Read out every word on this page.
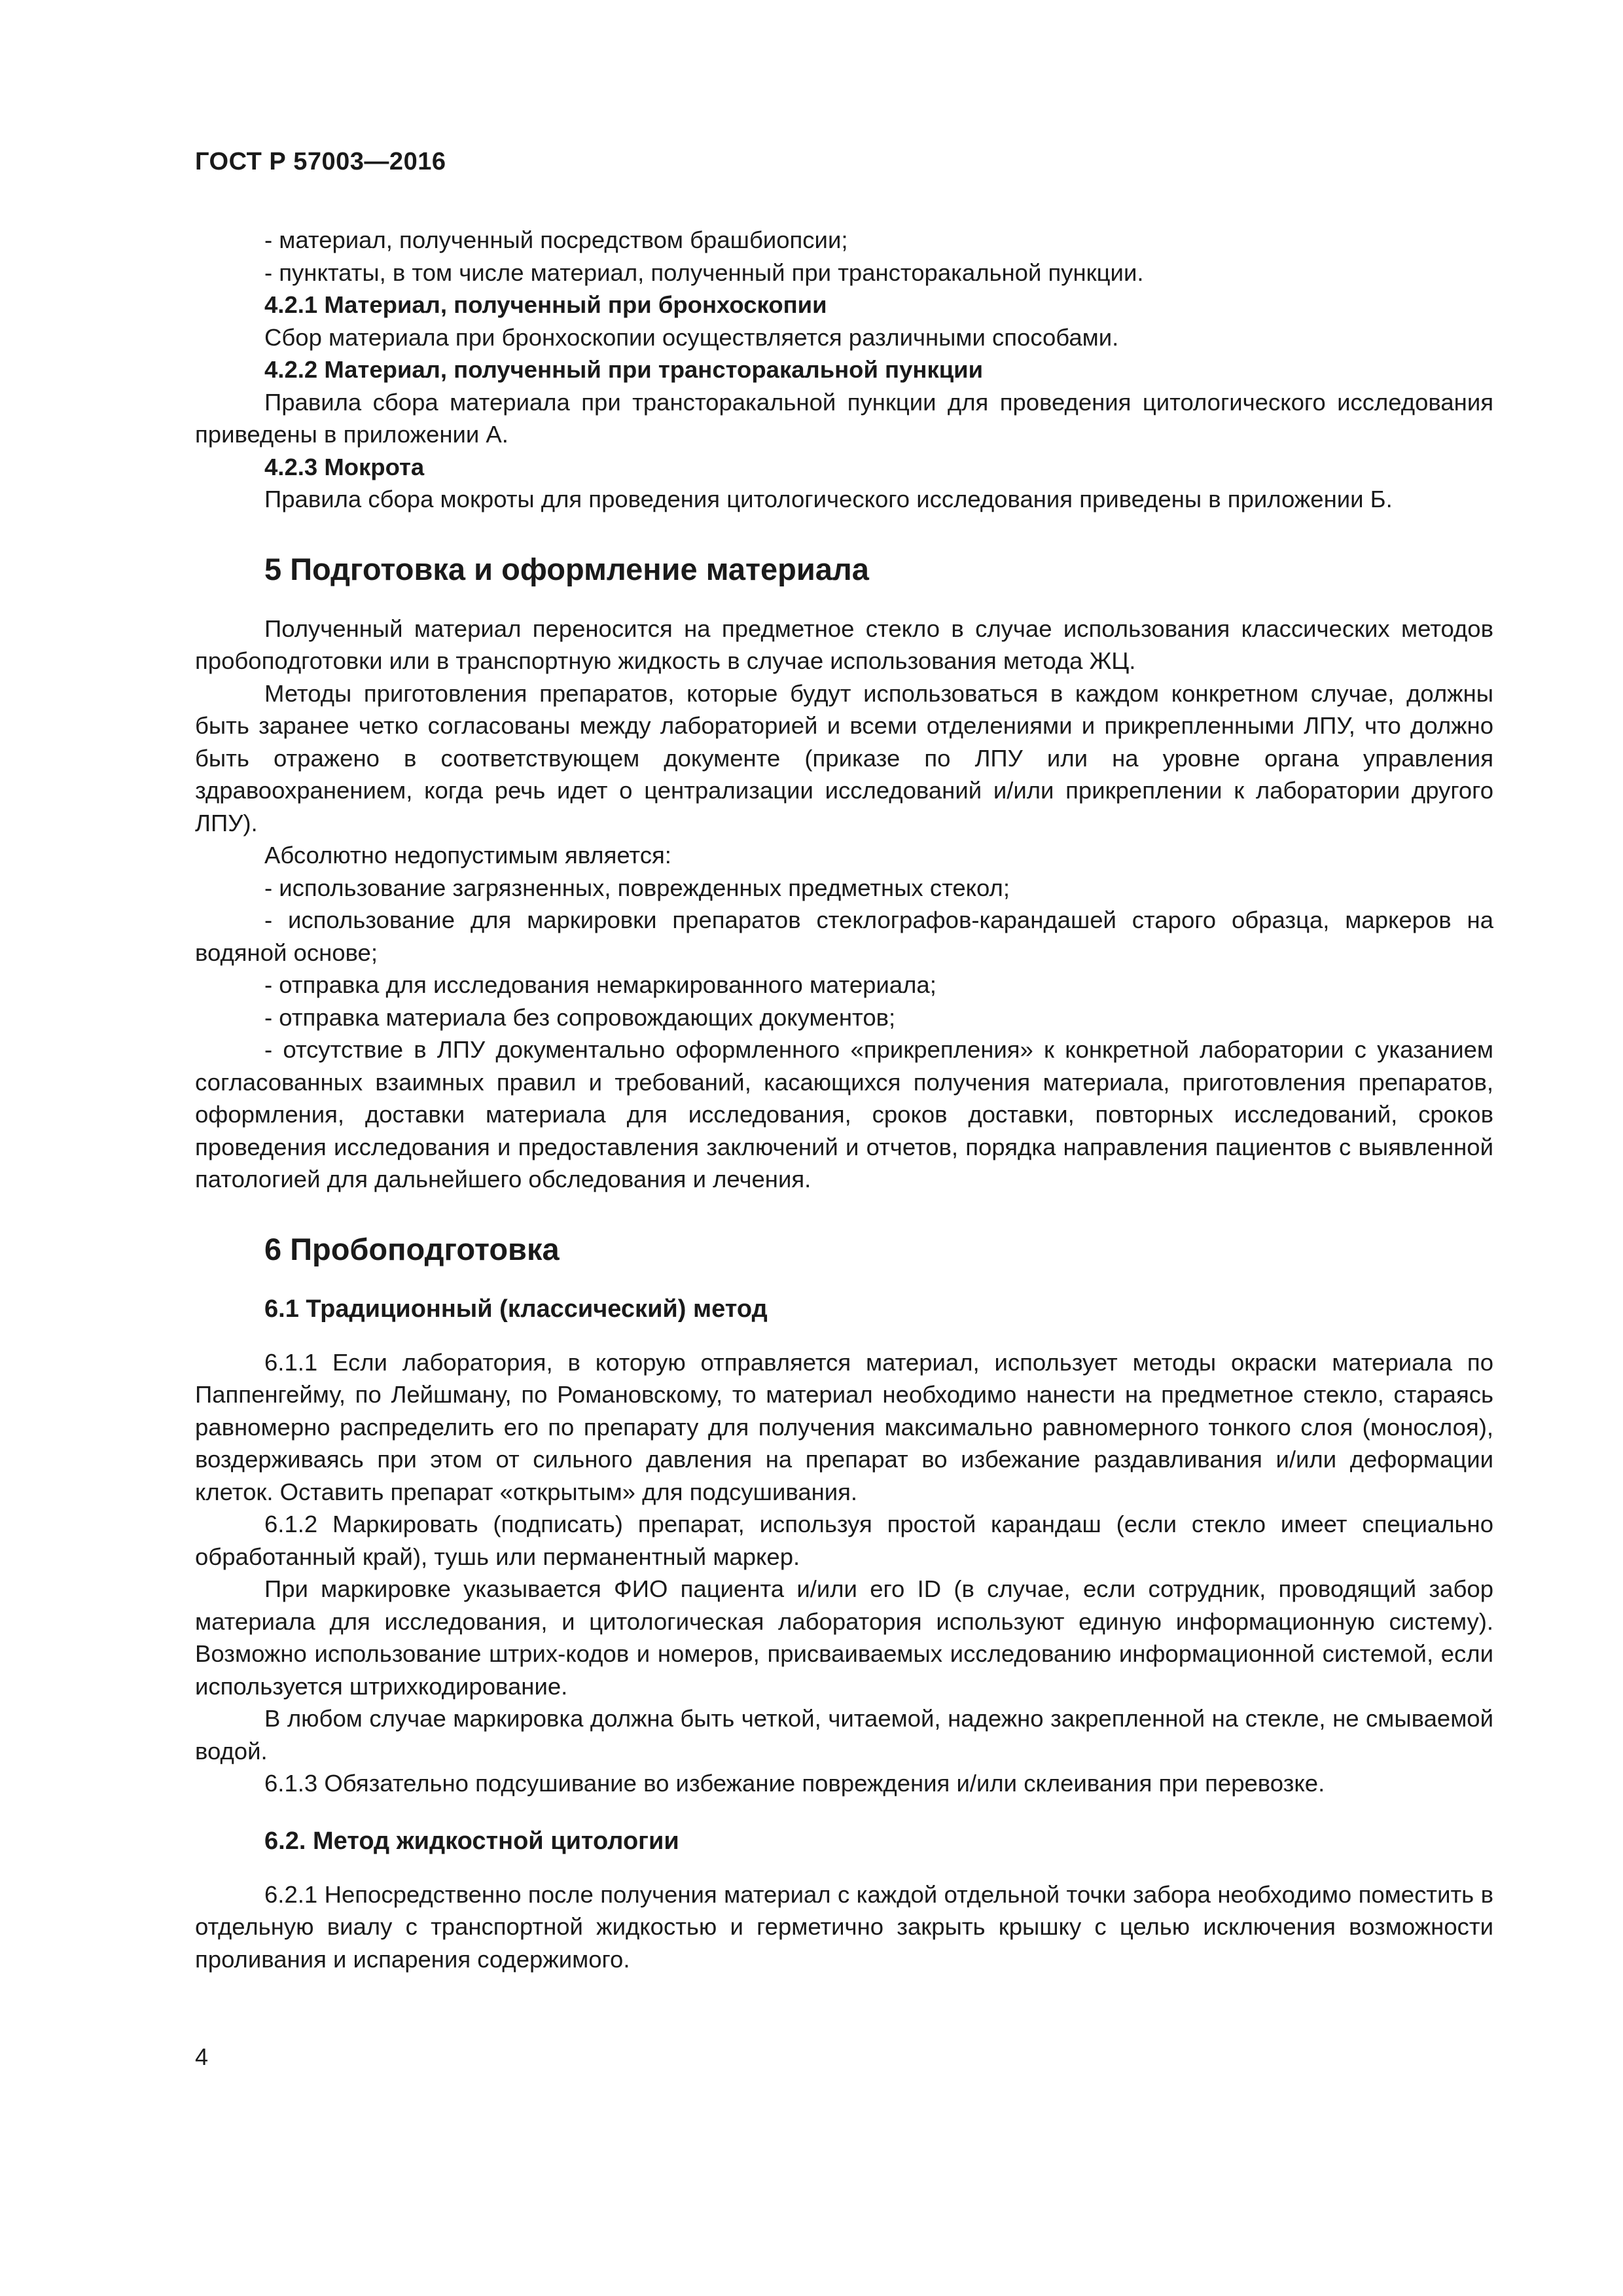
ГОСТ Р 57003—2016

- материал, полученный посредством брашбиопсии;

- пунктаты, в том числе материал, полученный при трансторакальной пункции.

4.2.1 Материал, полученный при бронхоскопии

Сбор материала при бронхоскопии осуществляется различными способами.

4.2.2 Материал, полученный при трансторакальной пункции

Правила сбора материала при трансторакальной пункции для проведения цитологического исследования приведены в приложении А.

4.2.3 Мокрота

Правила сбора мокроты для проведения цитологического исследования приведены в приложении Б.

5 Подготовка и оформление материала

Полученный материал переносится на предметное стекло в случае использования классических методов пробоподготовки или в транспортную жидкость в случае использования метода ЖЦ.

Методы приготовления препаратов, которые будут использоваться в каждом конкретном случае, должны быть заранее четко согласованы между лабораторией и всеми отделениями и прикрепленными ЛПУ, что должно быть отражено в соответствующем документе (приказе по ЛПУ или на уровне органа управления здравоохранением, когда речь идет о централизации исследований и/или прикреплении к лаборатории другого ЛПУ).

Абсолютно недопустимым является:

- использование загрязненных, поврежденных предметных стекол;

- использование для маркировки препаратов стеклографов-карандашей старого образца, маркеров на водяной основе;

- отправка для исследования немаркированного материала;

- отправка материала без сопровождающих документов;

- отсутствие в ЛПУ документально оформленного «прикрепления» к конкретной лаборатории с указанием согласованных взаимных правил и требований, касающихся получения материала, приготовления препаратов, оформления, доставки материала для исследования, сроков доставки, повторных исследований, сроков проведения исследования и предоставления заключений и отчетов, порядка направления пациентов с выявленной патологией для дальнейшего обследования и лечения.

6 Пробоподготовка
6.1 Традиционный (классический) метод

6.1.1 Если лаборатория, в которую отправляется материал, использует методы окраски материала по Паппенгейму, по Лейшману, по Романовскому, то материал необходимо нанести на предметное стекло, стараясь равномерно распределить его по препарату для получения максимально равномерного тонкого слоя (монослоя), воздерживаясь при этом от сильного давления на препарат во избежание раздавливания и/или деформации клеток. Оставить препарат «открытым» для подсушивания.

6.1.2 Маркировать (подписать) препарат, используя простой карандаш (если стекло имеет специально обработанный край), тушь или перманентный маркер.

При маркировке указывается ФИО пациента и/или его ID (в случае, если сотрудник, проводящий забор материала для исследования, и цитологическая лаборатория используют единую информационную систему). Возможно использование штрих-кодов и номеров, присваиваемых исследованию информационной системой, если используется штрихкодирование.

В любом случае маркировка должна быть четкой, читаемой, надежно закрепленной на стекле, не смываемой водой.

6.1.3 Обязательно подсушивание во избежание повреждения и/или склеивания при перевозке.

6.2. Метод жидкостной цитологии

6.2.1 Непосредственно после получения материал с каждой отдельной точки забора необходимо поместить в отдельную виалу с транспортной жидкостью и герметично закрыть крышку с целью исключения возможности проливания и испарения содержимого.

4
